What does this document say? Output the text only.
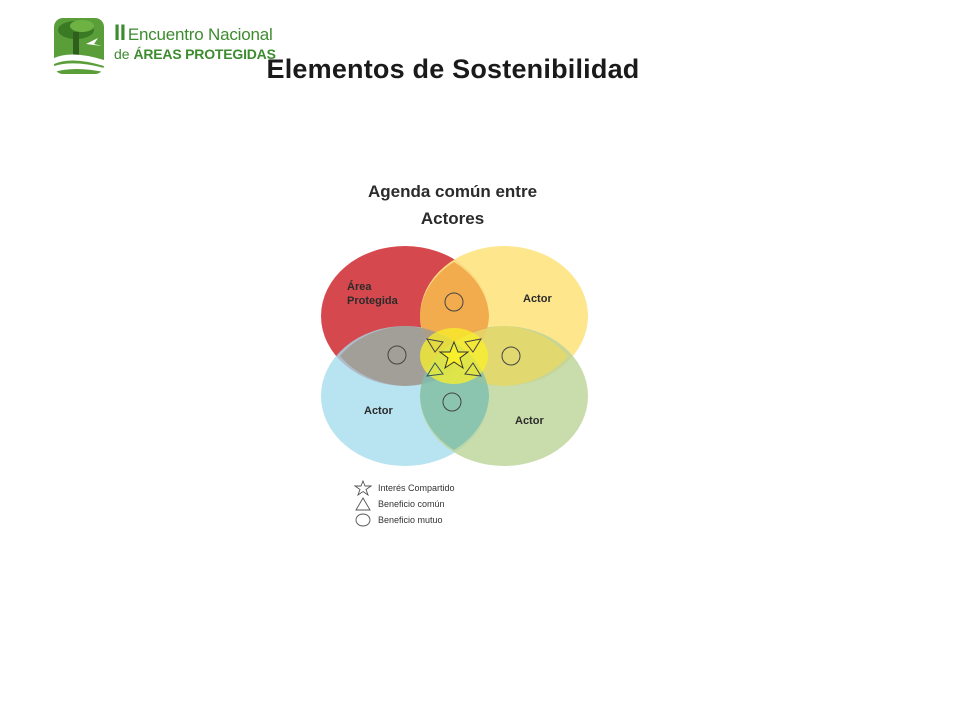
II Encuentro Nacional
de ÁREAS PROTEGIDAS
Elementos de Sostenibilidad
Agenda común entre
Actores
Área Protegida	Actor
Actor
Actor
Interés Compartido
Beneficio común
Beneficio mutuo
